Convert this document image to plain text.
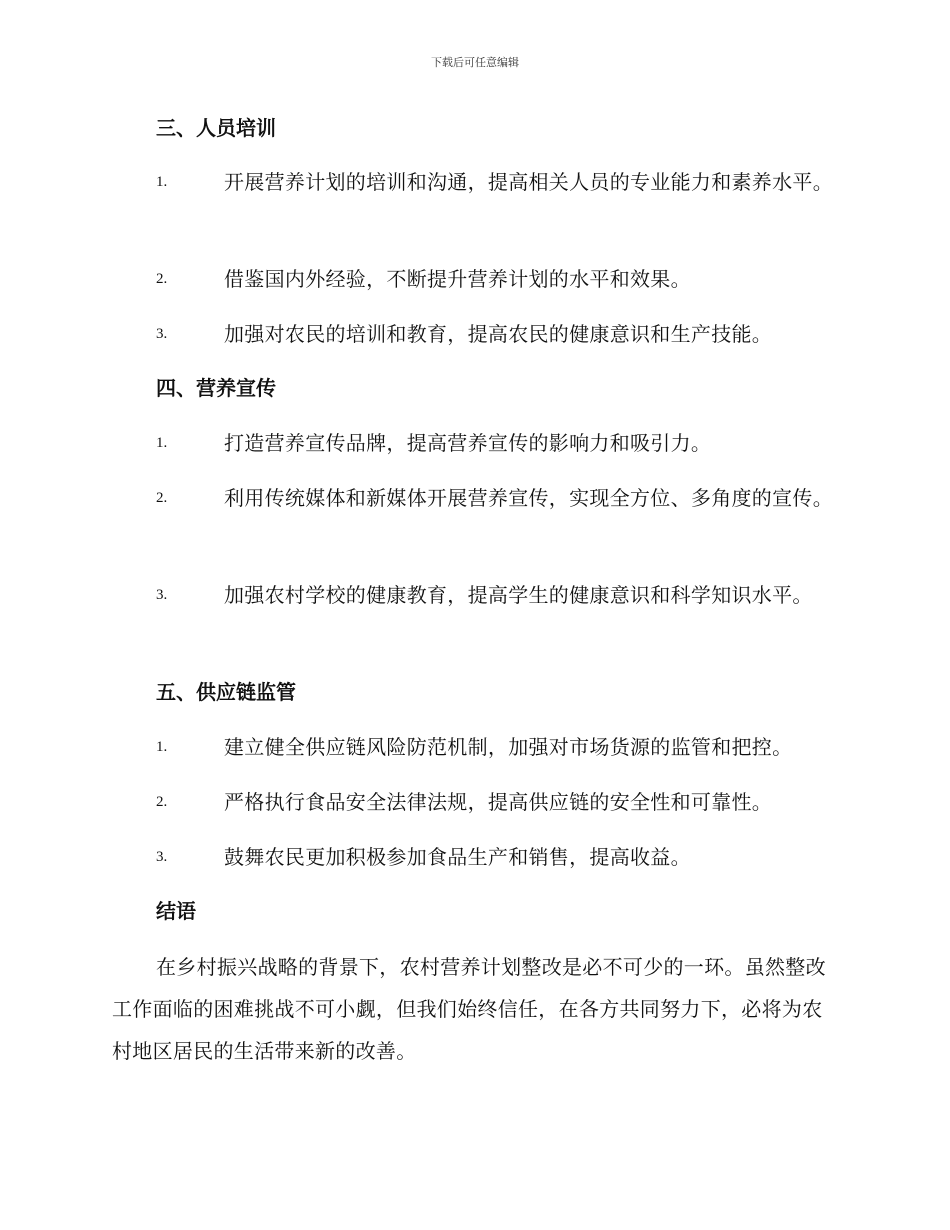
下载后可任意编辑
三、人员培训
1.	开展营养计划的培训和沟通，提高相关人员的专业能力和素养水平。
2.	借鉴国内外经验，不断提升营养计划的水平和效果。
3.	加强对农民的培训和教育，提高农民的健康意识和生产技能。
四、营养宣传
1.	打造营养宣传品牌，提高营养宣传的影响力和吸引力。
2.	利用传统媒体和新媒体开展营养宣传，实现全方位、多角度的宣传。
3.	加强农村学校的健康教育，提高学生的健康意识和科学知识水平。
五、供应链监管
1.	建立健全供应链风险防范机制，加强对市场货源的监管和把控。
2.	严格执行食品安全法律法规，提高供应链的安全性和可靠性。
3.	鼓舞农民更加积极参加食品生产和销售，提高收益。
结语
在乡村振兴战略的背景下，农村营养计划整改是必不可少的一环。虽然整改工作面临的困难挑战不可小觑，但我们始终信任，在各方共同努力下，必将为农村地区居民的生活带来新的改善。
